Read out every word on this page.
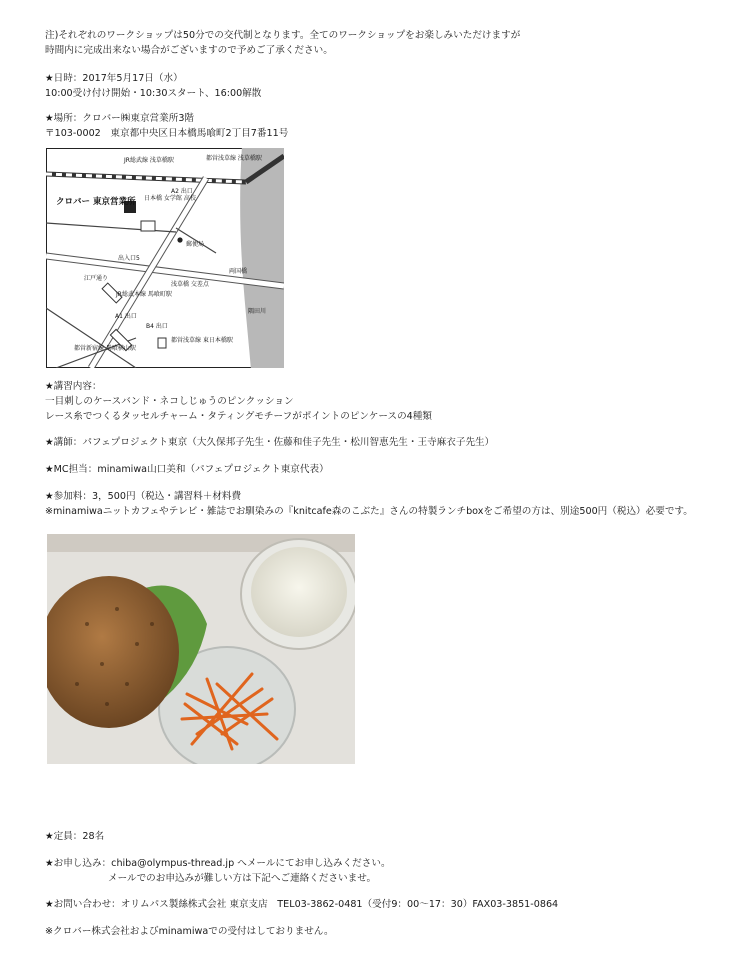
注)それぞれのワークショップは50分での交代制となります。全てのワークショップをお楽しみいただけますが
時間内に完成出来ない場合がございますので予めご了承ください。
★日時：2017年5月17日（水）
10:00受け付け開始・10:30スタート、16:00解散
★場所：クロバー㈱東京営業所3階
〒103-0002　東京都中央区日本橋馬喰町2丁目7番11号
JR総武線 浅草橋駅	都営浅草線 浅草橋駅
A2 出口
クロバー 東京営業所 日本橋 女学館 高校
郵便局
出入口5
両国橋
隅田川
浅草橋 交差点
江戸通り
JR総武本線 馬喰町駅
A1 出口
B4 出口
都営新宿線 馬喰横山駅
都営浅草線 東日本橋駅
★講習内容：
一目刺しのケースバンド・ネコしじゅうのピンクッション
レース糸でつくるタッセルチャーム・タティングモチーフがポイントのピンケースの4種類
★講師：パフェプロジェクト東京（大久保邦子先生・佐藤和佳子先生・松川智恵先生・王寺麻衣子先生）
★MC担当：minamiwa山口美和（パフェプロジェクト東京代表）
★参加料：3，500円（税込・講習料＋材料費
※minamiwaニットカフェやテレビ・雑誌でお馴染みの『knitcafe森のこぶた』さんの特製ランチboxをご希望の方は、別途500円（税込）必要です。
★定員：28名
★お申し込み：chiba@olympus-thread.jp へメールにてお申し込みください。
メールでのお申込みが難しい方は下記へご連絡くださいませ。
★お問い合わせ：オリムパス製絲株式会社 東京支店　TEL03-3862-0481（受付9：00～17：30）FAX03-3851-0864
※クロバー株式会社およびminamiwaでの受付はしておりません。
